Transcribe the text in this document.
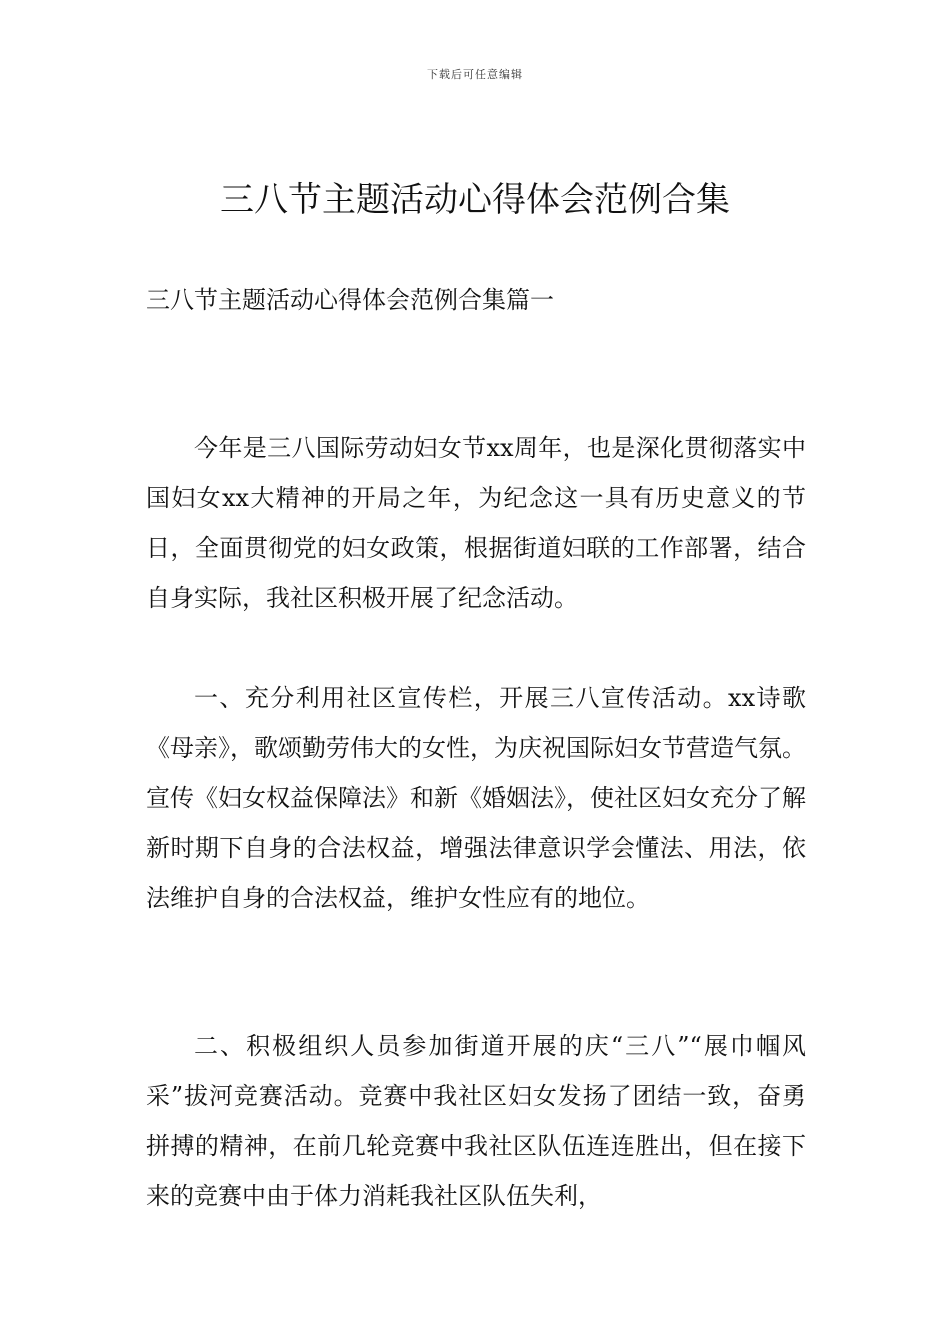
下载后可任意编辑
三八节主题活动心得体会范例合集
三八节主题活动心得体会范例合集篇一

今年是三八国际劳动妇女节xx周年，也是深化贯彻落实中国妇女xx大精神的开局之年，为纪念这一具有历史意义的节日，全面贯彻党的妇女政策，根据街道妇联的工作部署，结合自身实际，我社区积极开展了纪念活动。

一、充分利用社区宣传栏，开展三八宣传活动。xx诗歌《母亲》，歌颂勤劳伟大的女性，为庆祝国际妇女节营造气氛。宣传《妇女权益保障法》和新《婚姻法》，使社区妇女充分了解新时期下自身的合法权益，增强法律意识学会懂法、用法，依法维护自身的合法权益，维护女性应有的地位。

二、积极组织人员参加街道开展的庆“三八”“展巾帼风采”拔河竞赛活动。竞赛中我社区妇女发扬了团结一致，奋勇拼搏的精神，在前几轮竞赛中我社区队伍连连胜出，但在接下来的竞赛中由于体力消耗我社区队伍失利，
